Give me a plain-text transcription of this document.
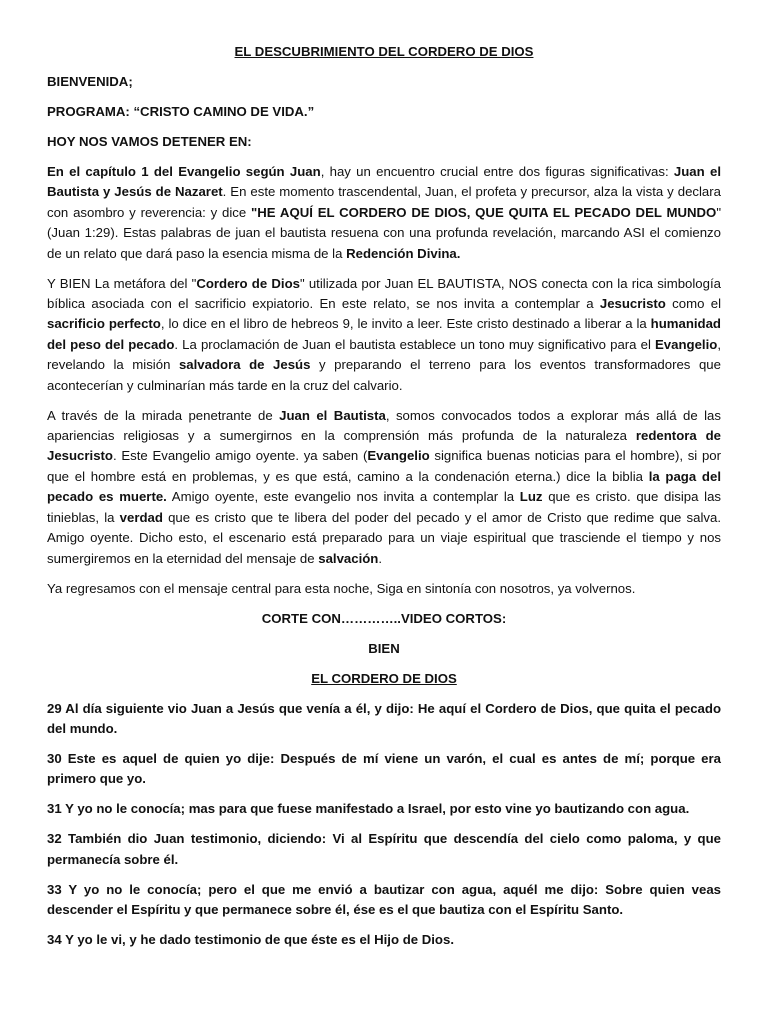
EL DESCUBRIMIENTO DEL CORDERO DE DIOS
BIENVENIDA;
PROGRAMA: “CRISTO CAMINO DE VIDA.”
HOY NOS VAMOS DETENER EN:

En el capítulo 1 del Evangelio según Juan, hay un encuentro crucial entre dos figuras significativas: Juan el Bautista y Jesús de Nazaret. En este momento trascendental, Juan, el profeta y precursor, alza la vista y declara con asombro y reverencia: y dice "HE AQUÍ EL CORDERO DE DIOS, QUE QUITA EL PECADO DEL MUNDO" (Juan 1:29). Estas palabras de juan el bautista resuena con una profunda revelación, marcando ASI el comienzo de un relato que dará paso la esencia misma de la Redención Divina.

Y BIEN La metáfora del "Cordero de Dios" utilizada por Juan EL BAUTISTA, NOS conecta con la rica simbología bíblica asociada con el sacrificio expiatorio. En este relato, se nos invita a contemplar a Jesucristo como el sacrificio perfecto, lo dice en el libro de hebreos 9, le invito a leer. Este cristo destinado a liberar a la humanidad del peso del pecado. La proclamación de Juan el bautista establece un tono muy significativo para el Evangelio, revelando la misión salvadora de Jesús y preparando el terreno para los eventos transformadores que acontecerían y culminarían más tarde en la cruz del calvario.

A través de la mirada penetrante de Juan el Bautista, somos convocados todos a explorar más allá de las apariencias religiosas y a sumergirnos en la comprensión más profunda de la naturaleza redentora de Jesucristo. Este Evangelio amigo oyente. ya saben (Evangelio significa buenas noticias para el hombre), si por que el hombre está en problemas, y es que está, camino a la condenación eterna.) dice la biblia la paga del pecado es muerte. Amigo oyente, este evangelio nos invita a contemplar la Luz que es cristo. que disipa las tinieblas, la verdad que es cristo que te libera del poder del pecado y el amor de Cristo que redime que salva. Amigo oyente. Dicho esto, el escenario está preparado para un viaje espiritual que trasciende el tiempo y nos sumergiremos en la eternidad del mensaje de salvación.

Ya regresamos con el mensaje central para esta noche, Siga en sintonía con nosotros, ya volvernos.

CORTE CON…………..VIDEO CORTOS:
BIEN
EL CORDERO DE DIOS
29 Al día siguiente vio Juan a Jesús que venía a él, y dijo: He aquí el Cordero de Dios, que quita el pecado del mundo.
30 Este es aquel de quien yo dije: Después de mí viene un varón, el cual es antes de mí; porque era primero que yo.
31 Y yo no le conocía; mas para que fuese manifestado a Israel, por esto vine yo bautizando con agua.
32 También dio Juan testimonio, diciendo: Vi al Espíritu que descendía del cielo como paloma, y que permanecía sobre él.
33 Y yo no le conocía; pero el que me envió a bautizar con agua, aquél me dijo: Sobre quien veas descender el Espíritu y que permanece sobre él, ése es el que bautiza con el Espíritu Santo.
34 Y yo le vi, y he dado testimonio de que éste es el Hijo de Dios.
